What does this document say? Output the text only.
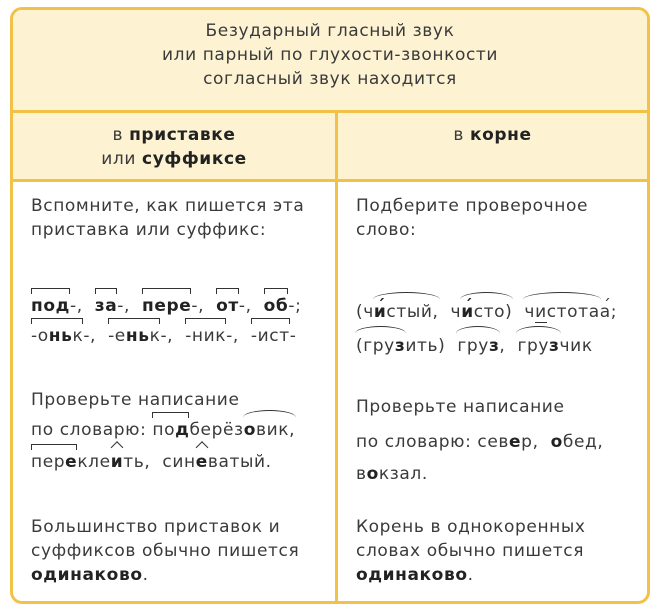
Безударный гласный звук
или парный по глухости-звонкости
согласный звук находится
в приставке
или суффиксе
в корне
Вспомните, как пишется эта
приставка или суффикс:
под-,  за-,  пере-,  от-,  об-;
-оньк-,  -еньк-,  -ник-,  -ист-
Проверьте написание
по словарю: подберёзовик,
переклеить, синеватый.
Большинство приставок и
суффиксов обычно пишется
одинаково.
Подберите проверочное
слово:
(чи ´стый, чи ´сто) чистотаа ´;
(грузить) груз, грузчик
Проверьте написание
по словарю: север, обед,
вокзал.
Корень в однокоренных
словах обычно пишется
одинаково.
